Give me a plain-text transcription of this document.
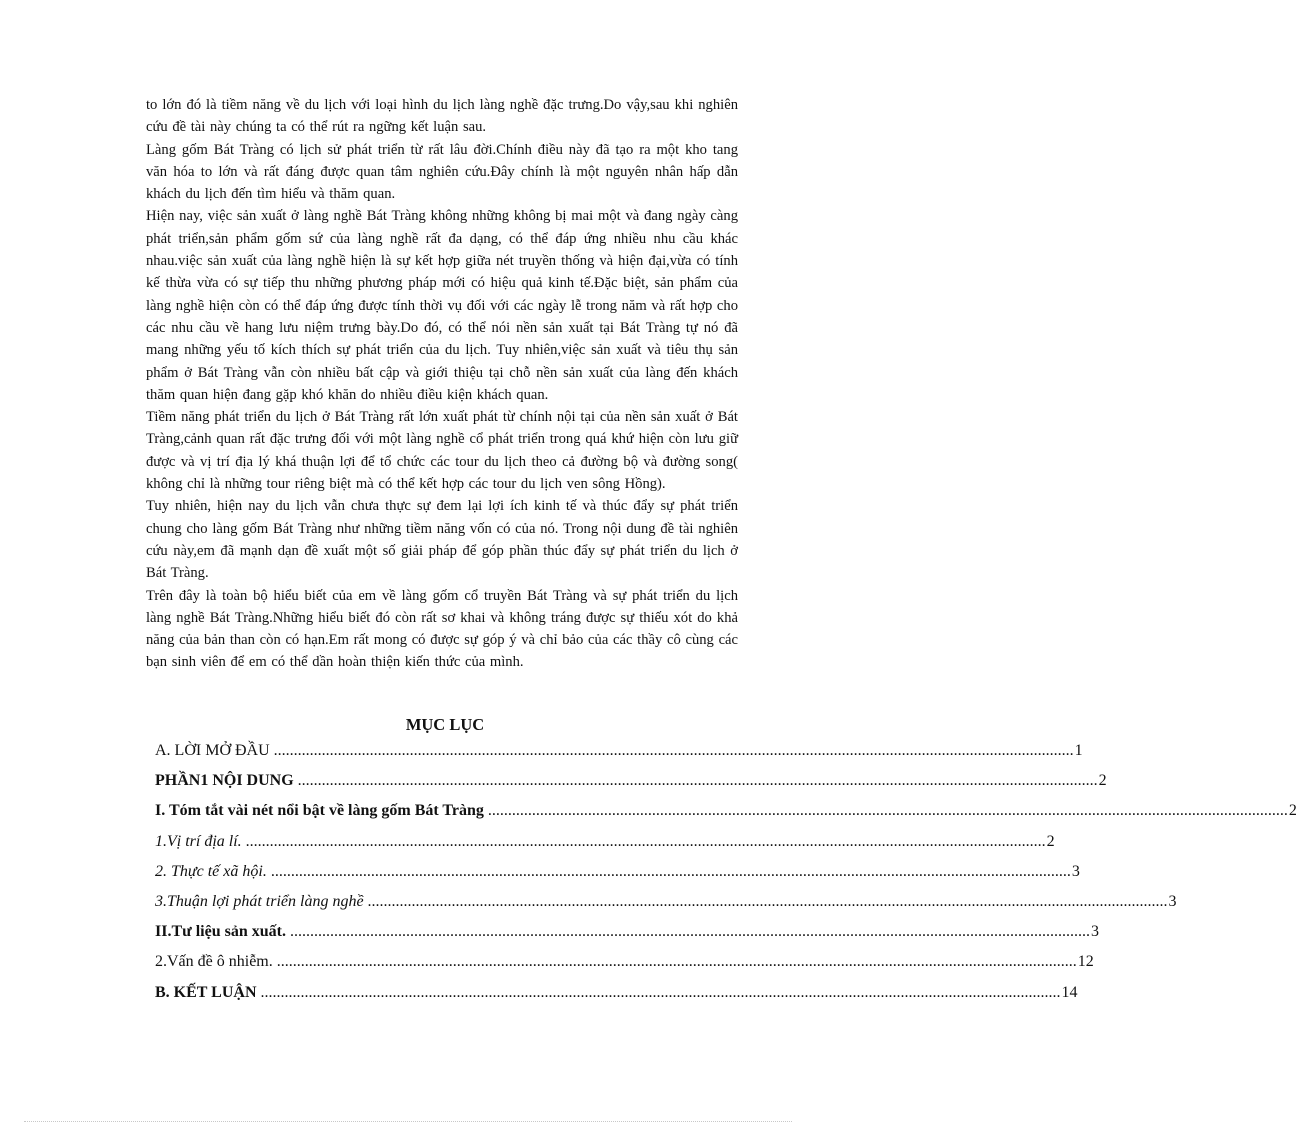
to lớn đó là tiềm năng về du lịch với loại hình du lịch làng nghề đặc trưng.Do vậy,sau khi nghiên cứu đề tài này chúng ta có thể rút ra ngững kết luận sau.

Làng gốm Bát Tràng có lịch sử phát triển từ rất lâu đời.Chính điều này đã tạo ra một kho tang văn hóa to lớn và rất đáng được quan tâm nghiên cứu.Đây chính là một nguyên nhân hấp dẫn khách du lịch đến tìm hiểu và thăm quan.

Hiện nay, việc sản xuất ở làng nghề Bát Tràng không những không bị mai một và đang ngày càng phát triển,sản phẩm gốm sứ của làng nghề rất đa dạng, có thể đáp ứng nhiều nhu cầu khác nhau.việc sản xuất của làng nghề hiện là sự kết hợp giữa nét truyền thống và hiện đại,vừa có tính kế thừa vừa có sự tiếp thu những phương pháp mới có hiệu quả kinh tế.Đặc biệt, sản phẩm của làng nghề hiện còn có thể đáp ứng được tính thời vụ đối với các ngày lễ trong năm và rất hợp cho các nhu cầu về hang lưu niệm trưng bày.Do đó, có thể nói nền sản xuất tại Bát Tràng tự nó đã mang những yếu tố kích thích sự phát triển của du lịch. Tuy nhiên,việc sản xuất và tiêu thụ sản phẩm ở Bát Tràng vẫn còn nhiều bất cập và giới thiệu tại chỗ nền sản xuất của làng đến khách thăm quan hiện đang gặp khó khăn do nhiều điều kiện khách quan.

Tiềm năng phát triển du lịch ở Bát Tràng rất lớn xuất phát từ chính nội tại của nền sản xuất ở Bát Tràng,cảnh quan rất đặc trưng đối với một làng nghề cổ phát triển trong quá khứ hiện còn lưu giữ được và vị trí địa lý khá thuận lợi để tổ chức các tour du lịch theo cả đường bộ và đường song( không chỉ là những tour riêng biệt mà có thể kết hợp các tour du lịch ven sông Hồng).

Tuy nhiên, hiện nay du lịch vẫn chưa thực sự đem lại lợi ích kinh tế và thúc đẩy sự phát triển chung cho làng gốm Bát Tràng như những tiềm năng vốn có của nó. Trong nội dung đề tài nghiên cứu này,em đã mạnh dạn đề xuất một số giải pháp để góp phần thúc đẩy sự phát triển du lịch ở Bát Tràng.

Trên đây là toàn bộ hiểu biết của em về làng gốm cổ truyền Bát Tràng và sự phát triển du lịch làng nghề Bát Tràng.Những hiểu biết đó còn rất sơ khai và không tráng được sự thiếu xót do khả năng của bản than còn có hạn.Em rất mong có được sự góp ý và chỉ bảo của các thầy cô cùng các bạn sinh viên để em có thể dần hoàn thiện kiến thức của mình.

MỤC LỤC
A. LỜI MỞ ĐẦU ........................................................................................................................................................................................................ 1
PHẦN1 NỘI DUNG ........................................................................................................................................................................................................ 2
I. Tóm tắt vài nét nổi bật về làng gốm Bát Tràng ........................................................................................................................................................................................................ 2
1.Vị trí địa lí. ........................................................................................................................................................................................................ 2
2. Thực tế xã hội. ........................................................................................................................................................................................................ 3
3.Thuận lợi phát triển làng nghề ........................................................................................................................................................................................................ 3
II.Tư liệu sản xuất. ........................................................................................................................................................................................................ 3
2.Vấn đề ô nhiễm. ........................................................................................................................................................................................................ 12
B. KẾT LUẬN ........................................................................................................................................................................................................ 14
